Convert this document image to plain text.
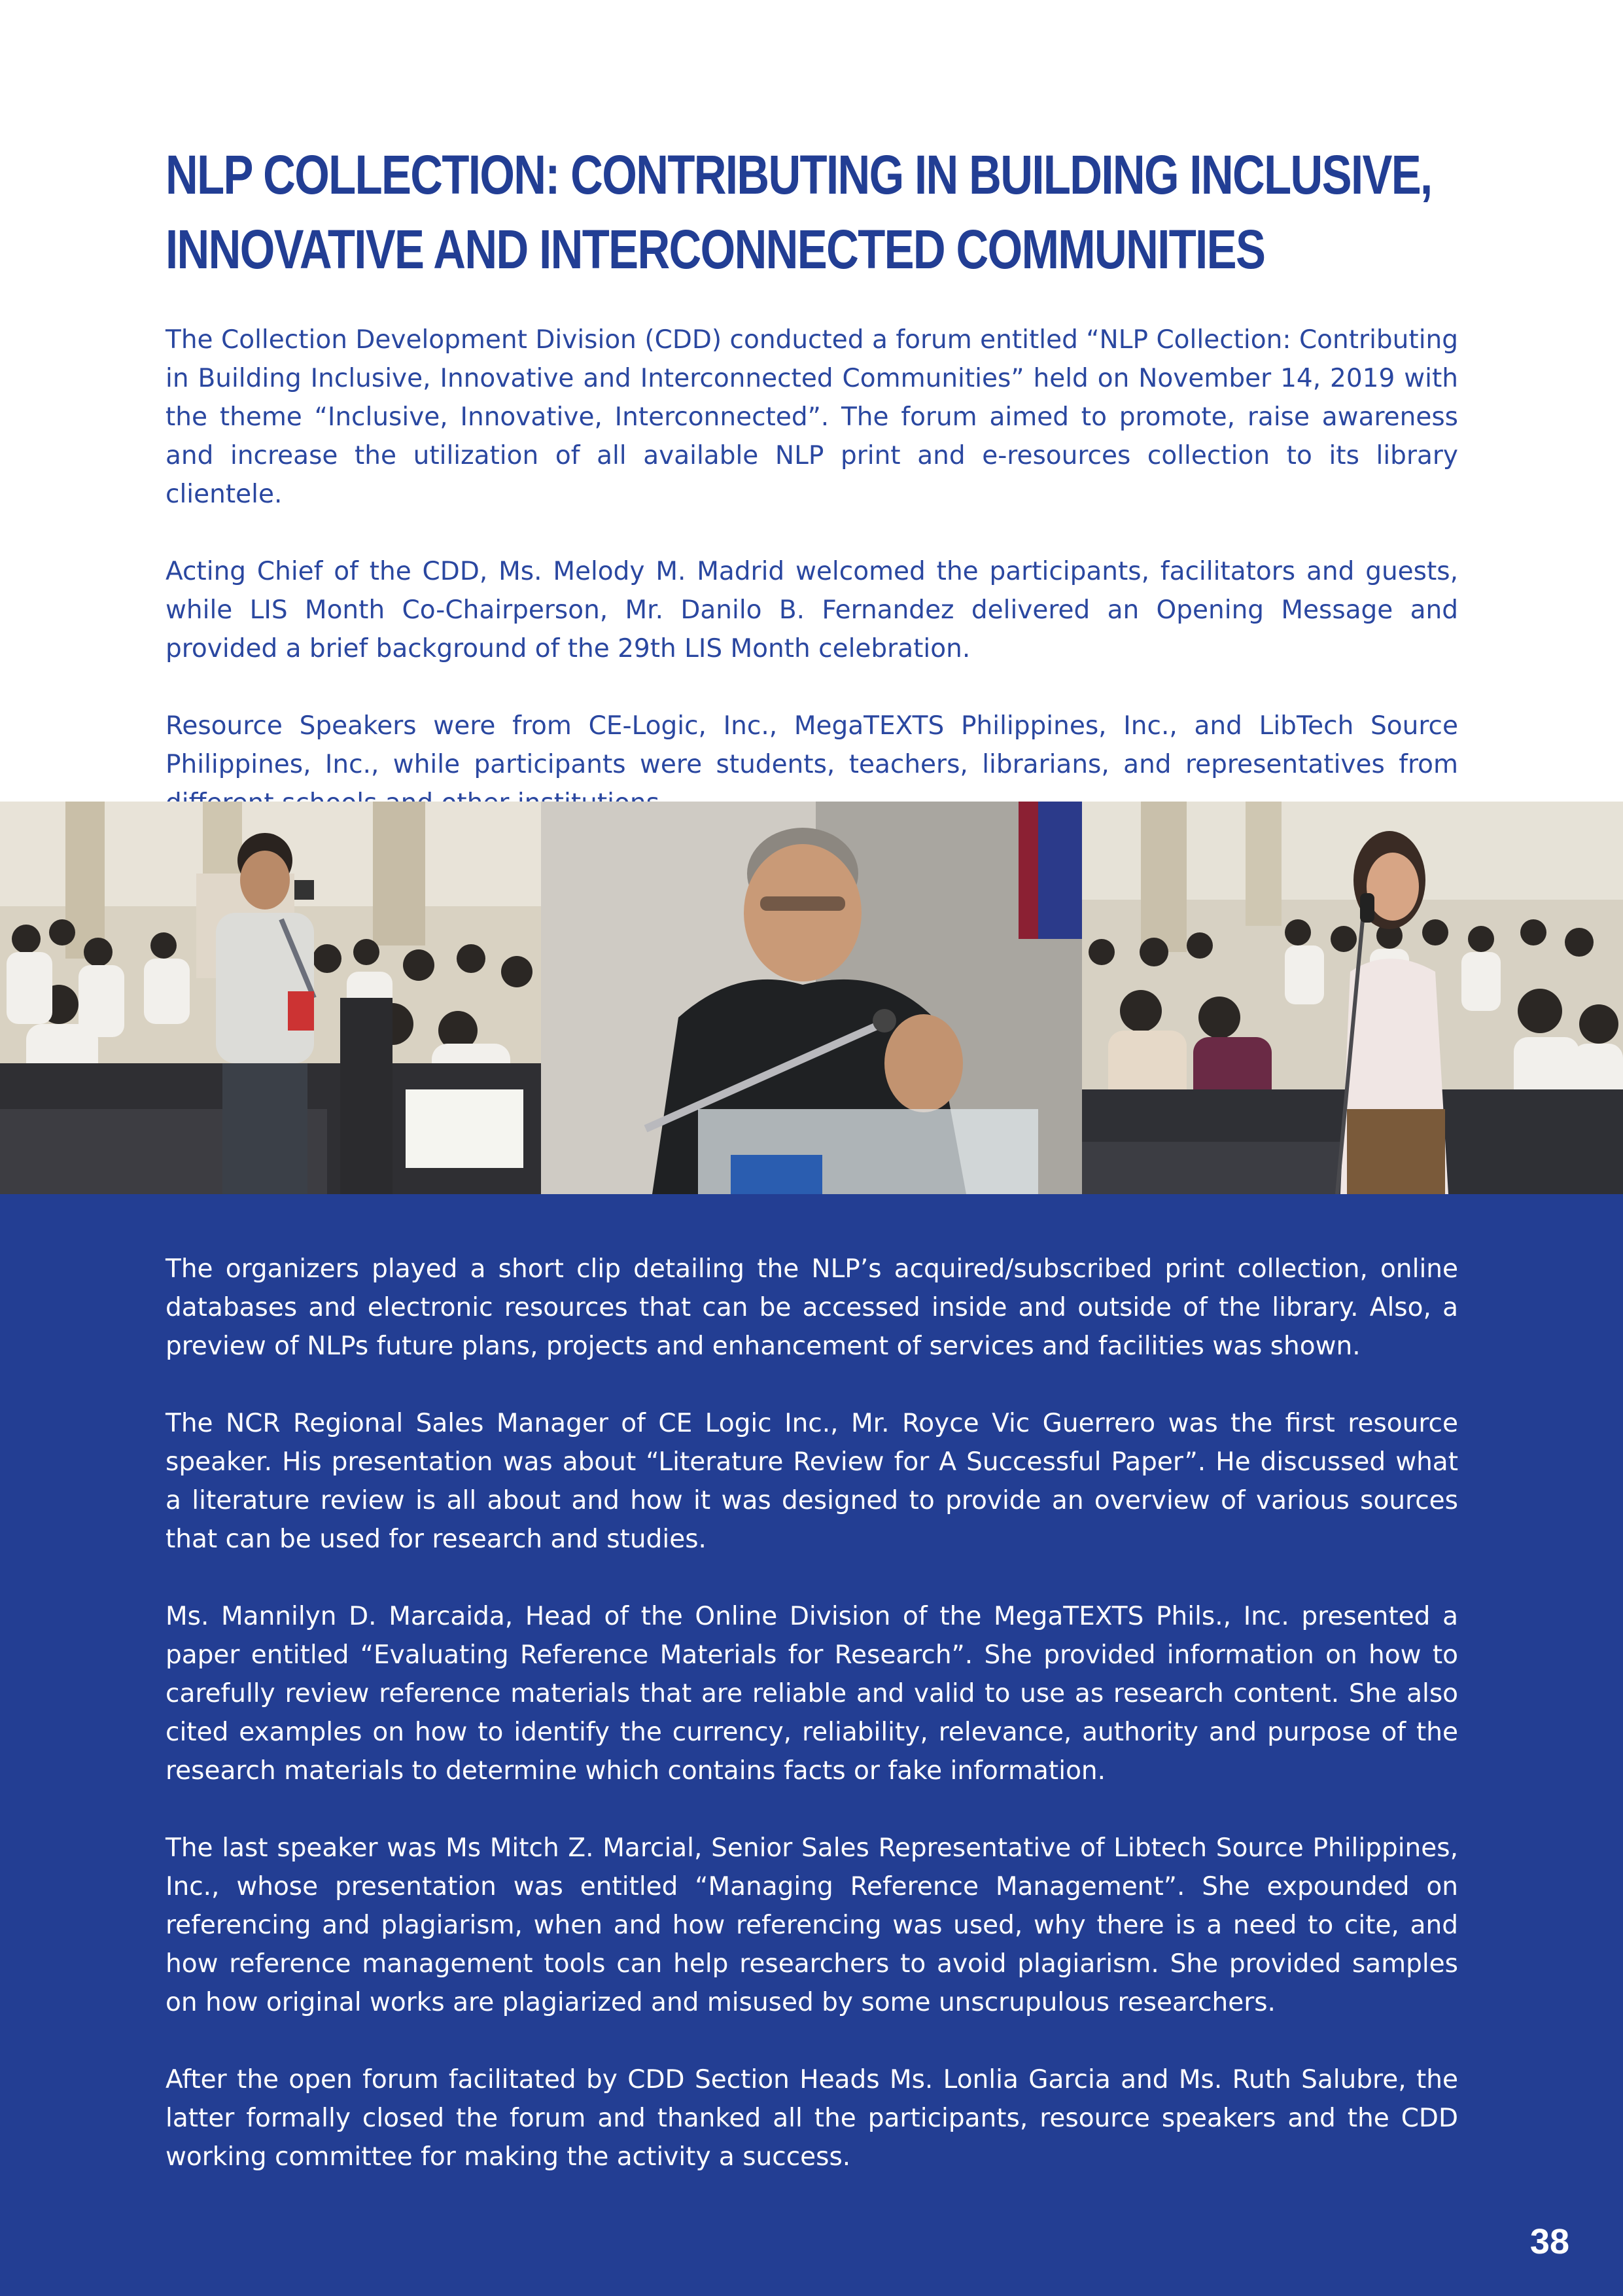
NLP COLLECTION: CONTRIBUTING IN BUILDING INCLUSIVE,
INNOVATIVE AND INTERCONNECTED COMMUNITIES

The Collection Development Division (CDD) conducted a forum entitled “NLP Collection: Contributing in Building Inclusive, Innovative and Interconnected Communities” held on November 14, 2019 with the theme “Inclusive, Innovative, Interconnected”. The forum aimed to promote, raise awareness and increase the utilization of all available NLP print and e-resources collection to its library clientele.

Acting Chief of the CDD, Ms. Melody M. Madrid welcomed the participants, facilitators and guests, while LIS Month Co-Chairperson, Mr. Danilo B. Fernandez delivered an Opening Message and provided a brief background of the 29th LIS Month celebration.

Resource Speakers were from CE-Logic, Inc., MegaTEXTS Philippines, Inc., and LibTech Source Philippines, Inc., while participants were students, teachers, librarians, and representatives from

The organizers played a short clip detailing the NLP’s acquired/subscribed print collection, online databases and electronic resources that can be accessed inside and outside of the library. Also, a preview of NLPs future plans, projects and enhancement of services and facilities was shown.

The NCR Regional Sales Manager of CE Logic Inc., Mr. Royce Vic Guerrero was the first resource speaker. His presentation was about “Literature Review for A Successful Paper”. He discussed what a literature review is all about and how it was designed to provide an overview of various sources that can be used for research and studies.

Ms. Mannilyn D. Marcaida, Head of the Online Division of the MegaTEXTS Phils., Inc. presented a paper entitled “Evaluating Reference Materials for Research”. She provided information on how to carefully review reference materials that are reliable and valid to use as research content. She also cited examples on how to identify the currency, reliability, relevance, authority and purpose of the research materials to determine which contains facts or fake information.

The last speaker was Ms Mitch Z. Marcial, Senior Sales Representative of Libtech Source Philippines, Inc., whose presentation was entitled “Managing Reference Management”. She expounded on referencing and plagiarism, when and how referencing was used, why there is a need to cite, and how reference management tools can help researchers to avoid plagiarism. She provided samples on how original works are plagiarized and misused by some unscrupulous researchers.

After the open forum facilitated by CDD Section Heads Ms. Lonlia Garcia and Ms. Ruth Salubre, the latter formally closed the forum and thanked all the participants, resource speakers and the CDD working committee for making the activity a success.

38
